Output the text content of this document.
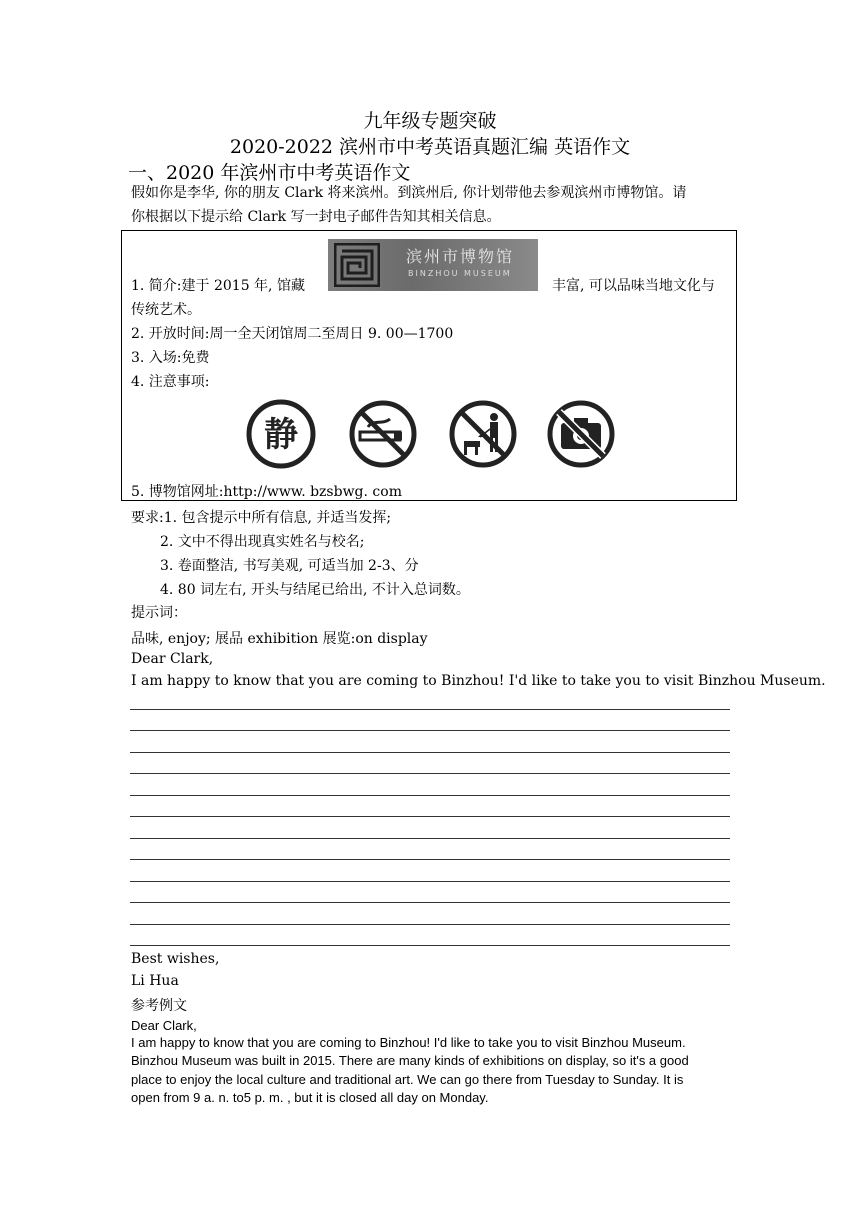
九年级专题突破
2020-2022 滨州市中考英语真题汇编 英语作文
一、2020 年滨州市中考英语作文
假如你是李华, 你的朋友 Clark 将来滨州。到滨州后, 你计划带他去参观滨州市博物馆。请
你根据以下提示给 Clark 写一封电子邮件告知其相关信息。
滨州市博物馆
BINZHOU MUSEUM
1. 简介:建于 2015 年, 馆藏	丰富, 可以品味当地文化与
传统艺术。
2. 开放时间:周一全天闭馆周二至周日 9. 00—1700
3. 入场:免费
4. 注意事项:
静
5. 博物馆网址:http://www. bzsbwg. com
要求:1. 包含提示中所有信息, 并适当发挥;
2. 文中不得出现真实姓名与校名;
3. 卷面整洁, 书写美观, 可适当加 2-3、分
4. 80 词左右, 开头与结尾已给出, 不计入总词数。
提示词：
品味, enjoy; 展品 exhibition 展览:on display
Dear Clark,
I am happy to know that you are coming to Binzhou! I'd like to take you to visit Binzhou Museum.
Best wishes,
Li Hua
参考例文
Dear Clark,
I am happy to know that you are coming to Binzhou! I'd like to take you to visit Binzhou Museum.
Binzhou Museum was built in 2015. There are many kinds of exhibitions on display, so it's a good
place to enjoy the local culture and traditional art. We can go there from Tuesday to Sunday. It is
open from 9 a. n. to5 p. m. , but it is closed all day on Monday.
